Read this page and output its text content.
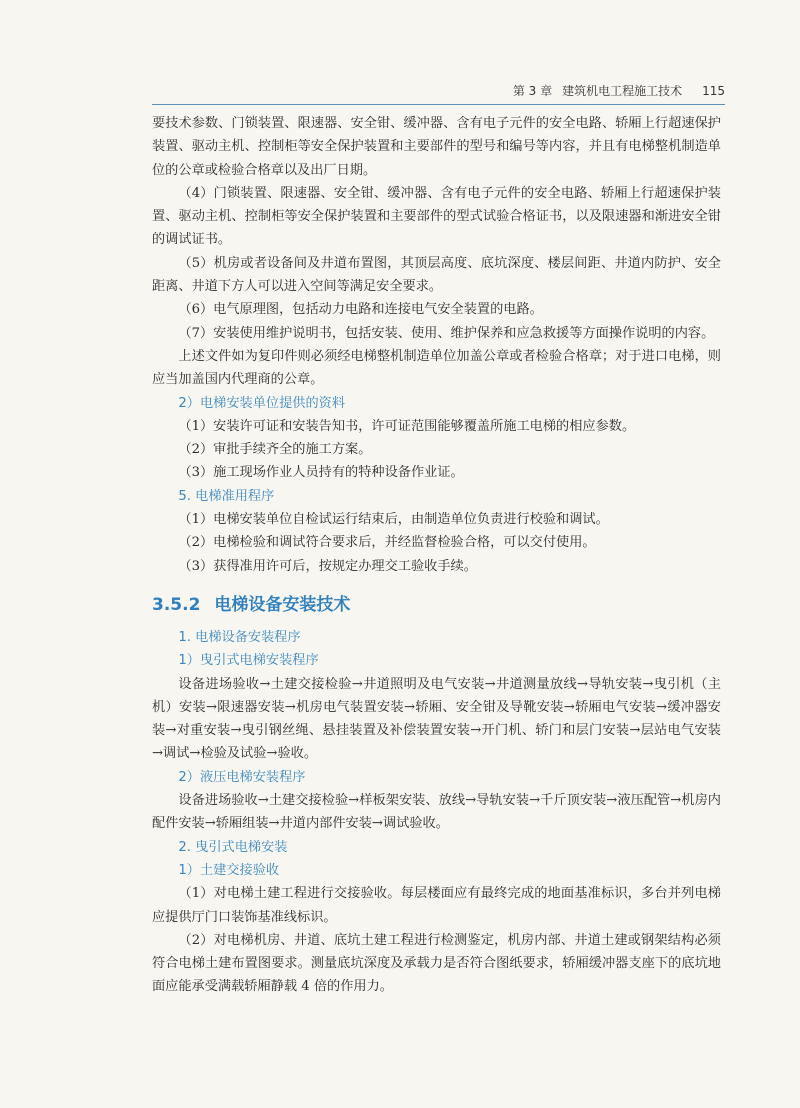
第 3 章 建筑机电工程施工技术 115

要技术参数、门锁装置、限速器、安全钳、缓冲器、含有电子元件的安全电路、轿厢上行超速保护装置、驱动主机、控制柜等安全保护装置和主要部件的型号和编号等内容，并且有电梯整机制造单位的公章或检验合格章以及出厂日期。

（4）门锁装置、限速器、安全钳、缓冲器、含有电子元件的安全电路、轿厢上行超速保护装置、驱动主机、控制柜等安全保护装置和主要部件的型式试验合格证书，以及限速器和渐进安全钳的调试证书。

（5）机房或者设备间及井道布置图，其顶层高度、底坑深度、楼层间距、井道内防护、安全距离、井道下方人可以进入空间等满足安全要求。

（6）电气原理图，包括动力电路和连接电气安全装置的电路。

（7）安装使用维护说明书，包括安装、使用、维护保养和应急救援等方面操作说明的内容。

上述文件如为复印件则必须经电梯整机制造单位加盖公章或者检验合格章；对于进口电梯，则应当加盖国内代理商的公章。

2）电梯安装单位提供的资料

（1）安装许可证和安装告知书，许可证范围能够覆盖所施工电梯的相应参数。

（2）审批手续齐全的施工方案。

（3）施工现场作业人员持有的特种设备作业证。

5. 电梯准用程序

（1）电梯安装单位自检试运行结束后，由制造单位负责进行校验和调试。

（2）电梯检验和调试符合要求后，并经监督检验合格，可以交付使用。

（3）获得准用许可后，按规定办理交工验收手续。

3.5.2 电梯设备安装技术
1. 电梯设备安装程序
1）曳引式电梯安装程序

设备进场验收→土建交接检验→井道照明及电气安装→井道测量放线→导轨安装→曳引机（主机）安装→限速器安装→机房电气装置安装→轿厢、安全钳及导靴安装→轿厢电气安装→缓冲器安装→对重安装→曳引钢丝绳、悬挂装置及补偿装置安装→开门机、轿门和层门安装→层站电气安装→调试→检验及试验→验收。

2）液压电梯安装程序

设备进场验收→土建交接检验→样板架安装、放线→导轨安装→千斤顶安装→液压配管→机房内配件安装→轿厢组装→井道内部件安装→调试验收。

2. 曳引式电梯安装
1）土建交接验收

（1）对电梯土建工程进行交接验收。每层楼面应有最终完成的地面基准标识，多台并列电梯应提供厅门口装饰基准线标识。

（2）对电梯机房、井道、底坑土建工程进行检测鉴定，机房内部、井道土建或钢架结构必须符合电梯土建布置图要求。测量底坑深度及承载力是否符合图纸要求，轿厢缓冲器支座下的底坑地面应能承受满载轿厢静载 4 倍的作用力。
